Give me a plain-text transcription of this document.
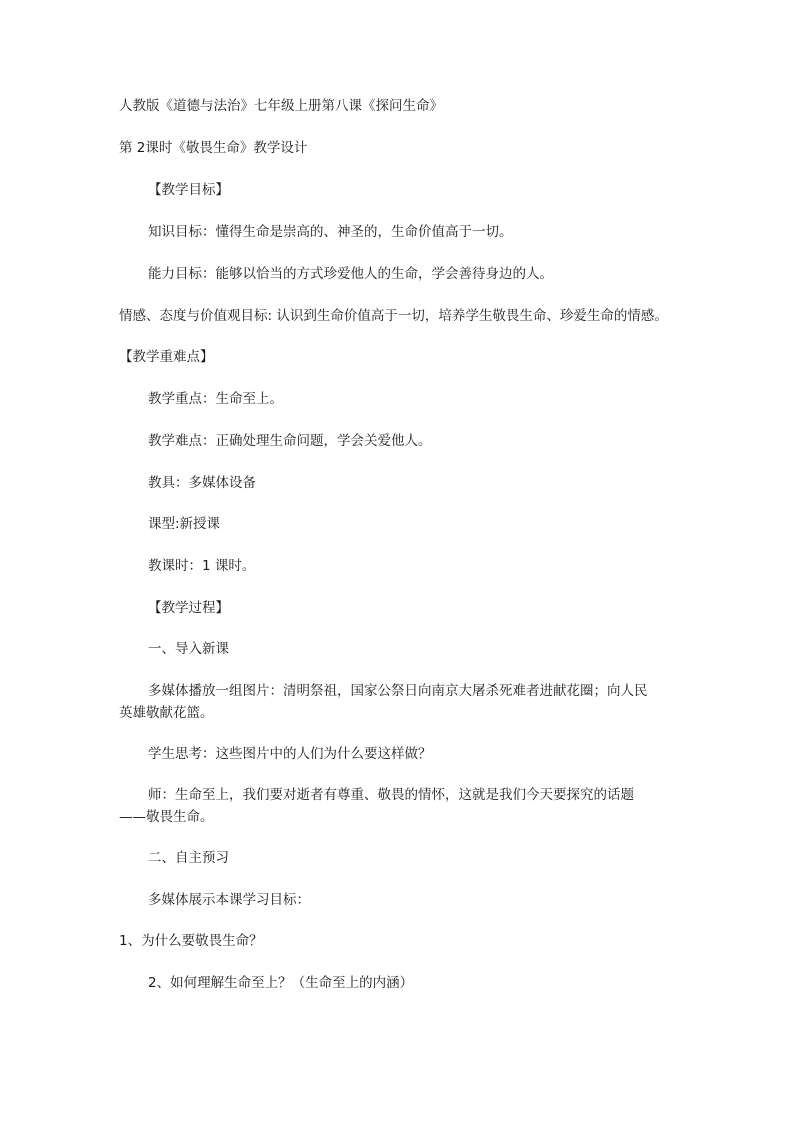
人教版《道德与法治》七年级上册第八课《探问生命》
第 2课时《敬畏生命》教学设计
【教学目标】
知识目标：懂得生命是崇高的、神圣的，生命价值高于一切。
能力目标：能够以恰当的方式珍爱他人的生命，学会善待身边的人。
情感、态度与价值观目标: 认识到生命价值高于一切，培养学生敬畏生命、珍爱生命的情感。
【教学重难点】
教学重点：生命至上。
教学难点：正确处理生命问题，学会关爱他人。
教具：多媒体设备
课型:新授课
教课时：1 课时。
【教学过程】
一、导入新课
多媒体播放一组图片：清明祭祖，国家公祭日向南京大屠杀死难者进献花圈；向人民英雄敬献花篮。
学生思考：这些图片中的人们为什么要这样做？
师：生命至上，我们要对逝者有尊重、敬畏的情怀，这就是我们今天要探究的话题——敬畏生命。
二、自主预习
多媒体展示本课学习目标：
1、为什么要敬畏生命？
2、如何理解生命至上？（生命至上的内涵）
